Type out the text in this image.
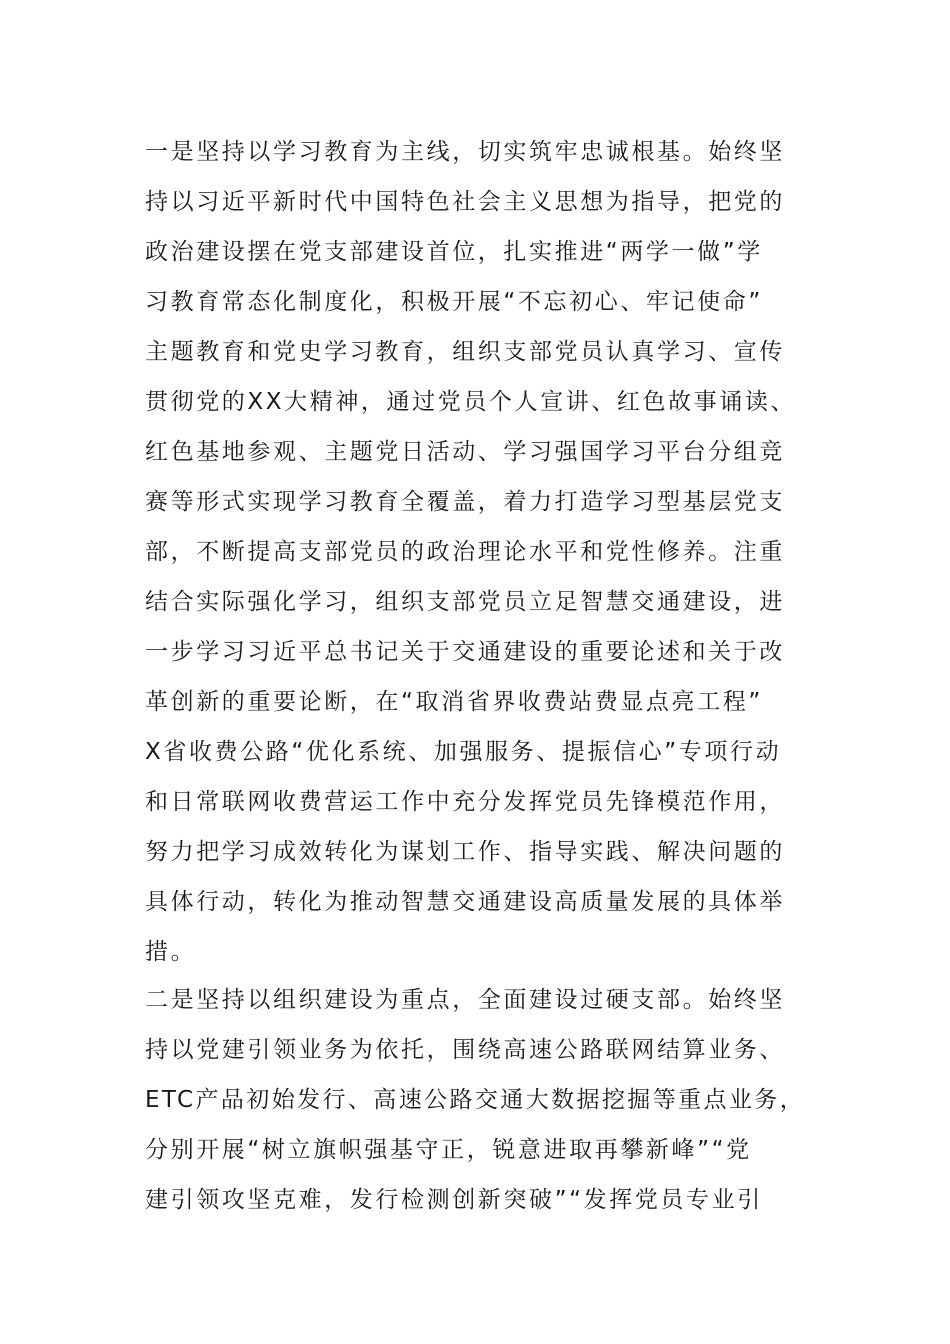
一是坚持以学习教育为主线，切实筑牢忠诚根基。始终坚
持以习近平新时代中国特色社会主义思想为指导，把党的
政治建设摆在党支部建设首位，扎实推进“两学一做”学
习教育常态化制度化，积极开展“不忘初心、牢记使命”
主题教育和党史学习教育，组织支部党员认真学习、宣传
贯彻党的XX大精神，通过党员个人宣讲、红色故事诵读、
红色基地参观、主题党日活动、学习强国学习平台分组竞
赛等形式实现学习教育全覆盖，着力打造学习型基层党支
部，不断提高支部党员的政治理论水平和党性修养。注重
结合实际强化学习，组织支部党员立足智慧交通建设，进
一步学习习近平总书记关于交通建设的重要论述和关于改
革创新的重要论断，在“取消省界收费站费显点亮工程”
X省收费公路“优化系统、加强服务、提振信心”专项行动
和日常联网收费营运工作中充分发挥党员先锋模范作用，
努力把学习成效转化为谋划工作、指导实践、解决问题的
具体行动，转化为推动智慧交通建设高质量发展的具体举
措。
二是坚持以组织建设为重点，全面建设过硬支部。始终坚
持以党建引领业务为依托，围绕高速公路联网结算业务、
ETC产品初始发行、高速公路交通大数据挖掘等重点业务，
分别开展“树立旗帜强基守正，锐意进取再攀新峰”“党
建引领攻坚克难，发行检测创新突破”“发挥党员专业引
